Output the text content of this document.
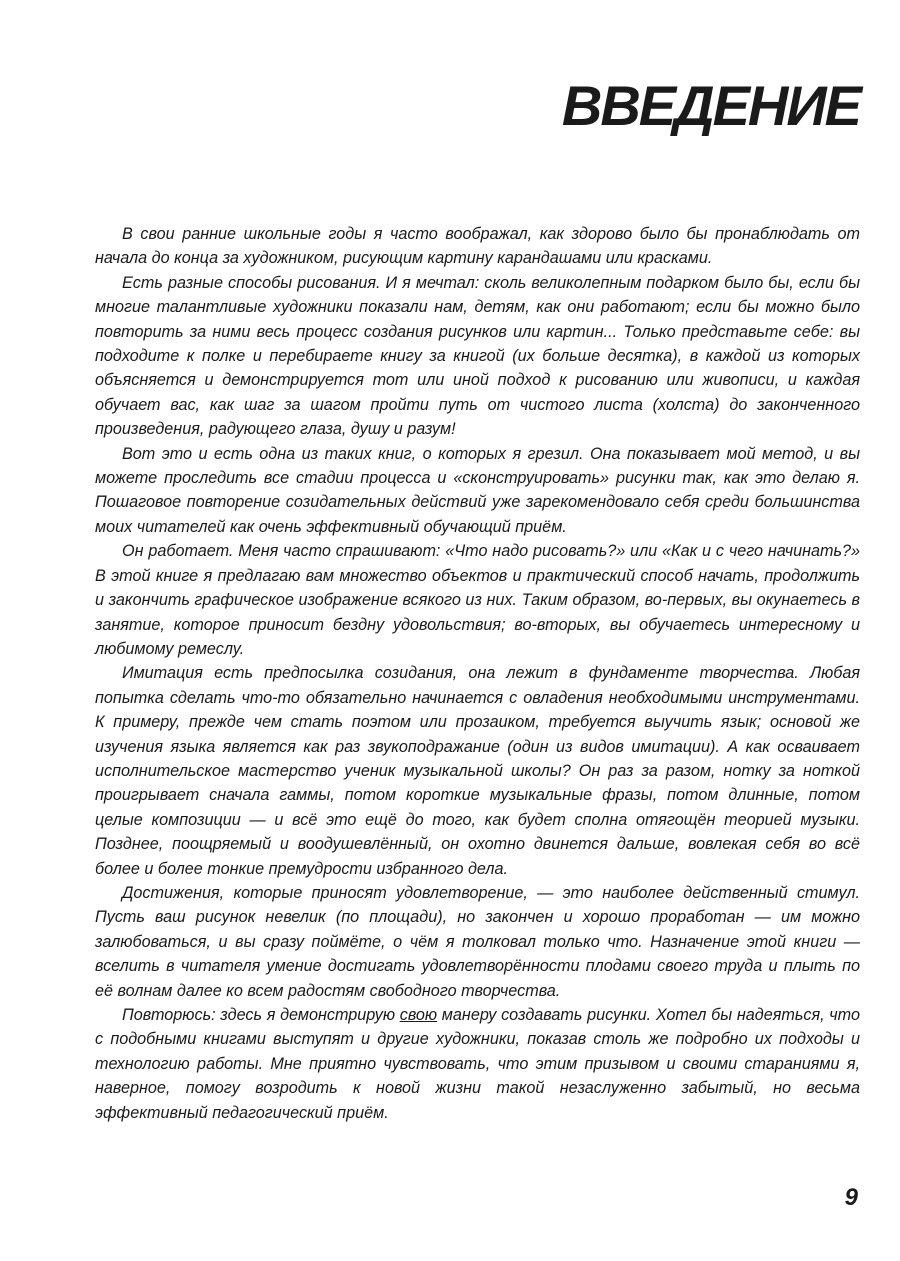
ВВЕДЕНИЕ

В свои ранние школьные годы я часто воображал, как здорово было бы пронаблюдать от начала до конца за художником, рисующим картину карандашами или красками.

Есть разные способы рисования. И я мечтал: сколь великолепным подарком было бы, если бы многие талантливые художники показали нам, детям, как они работают; если бы можно было повторить за ними весь процесс создания рисунков или картин... Только представьте себе: вы подходите к полке и перебираете книгу за книгой (их больше десятка), в каждой из которых объясняется и демонстрируется тот или иной подход к рисованию или живописи, и каждая обучает вас, как шаг за шагом пройти путь от чистого листа (холста) до законченного произведения, радующего глаза, душу и разум!

Вот это и есть одна из таких книг, о которых я грезил. Она показывает мой метод, и вы можете проследить все стадии процесса и «сконструировать» рисунки так, как это делаю я. Пошаговое повторение созидательных действий уже зарекомендовало себя среди большинства моих читателей как очень эффективный обучающий приём.

Он работает. Меня часто спрашивают: «Что надо рисовать?» или «Как и с чего начинать?» В этой книге я предлагаю вам множество объектов и практический способ начать, продолжить и закончить графическое изображение всякого из них. Таким образом, во-первых, вы окунаетесь в занятие, которое приносит бездну удовольствия; во-вторых, вы обучаетесь интересному и любимому ремеслу.

Имитация есть предпосылка созидания, она лежит в фундаменте творчества. Любая попытка сделать что-то обязательно начинается с овладения необходимыми инструментами. К примеру, прежде чем стать поэтом или прозаиком, требуется выучить язык; основой же изучения языка является как раз звукоподражание (один из видов имитации). А как осваивает исполнительское мастерство ученик музыкальной школы? Он раз за разом, нотку за ноткой проигрывает сначала гаммы, потом короткие музыкальные фразы, потом длинные, потом целые композиции — и всё это ещё до того, как будет сполна отягощён теорией музыки. Позднее, поощряемый и воодушевлённый, он охотно двинется дальше, вовлекая себя во всё более и более тонкие премудрости избранного дела.

Достижения, которые приносят удовлетворение, — это наиболее действенный стимул. Пусть ваш рисунок невелик (по площади), но закончен и хорошо проработан — им можно залюбоваться, и вы сразу поймёте, о чём я толковал только что. Назначение этой книги — вселить в читателя умение достигать удовлетворённости плодами своего труда и плыть по её волнам далее ко всем радостям свободного творчества.

Повторюсь: здесь я демонстрирую свою манеру создавать рисунки. Хотел бы надеяться, что с подобными книгами выступят и другие художники, показав столь же подробно их подходы и технологию работы. Мне приятно чувствовать, что этим призывом и своими стараниями я, наверное, помогу возродить к новой жизни такой незаслуженно забытый, но весьма эффективный педагогический приём.

9
